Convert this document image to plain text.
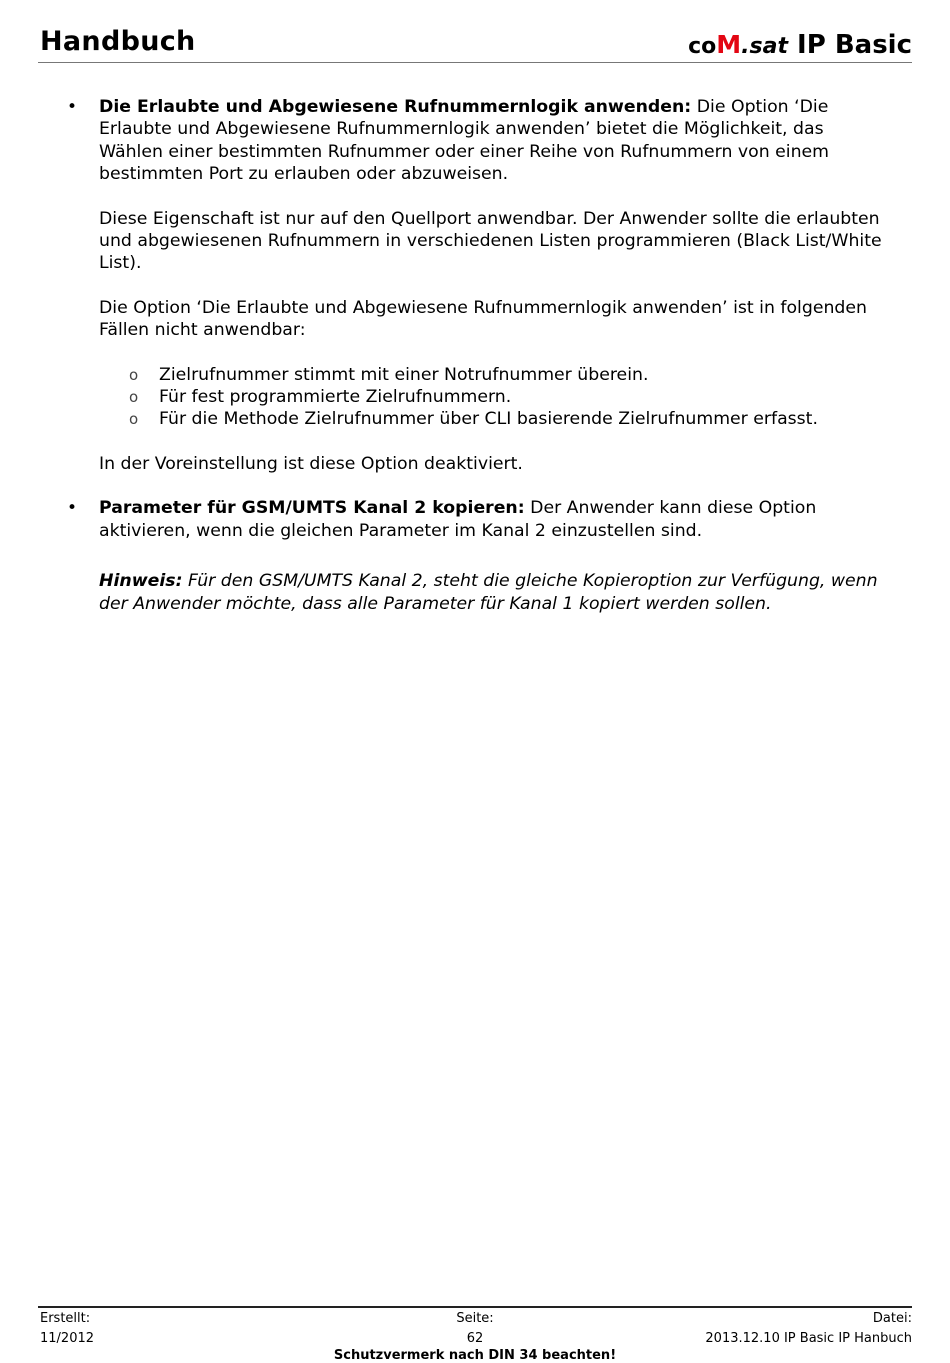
Handbuch	coM.sat IP Basic
• Die Erlaubte und Abgewiesene Rufnummernlogik anwenden: Die Option ‘Die Erlaubte und Abgewiesene Rufnummernlogik anwenden’ bietet die Möglichkeit, das Wählen einer bestimmten Rufnummer oder einer Reihe von Rufnummern von einem bestimmten Port zu erlauben oder abzuweisen.

Diese Eigenschaft ist nur auf den Quellport anwendbar. Der Anwender sollte die erlaubten und abgewiesenen Rufnummern in verschiedenen Listen programmieren (Black List/White List).

Die Option ‘Die Erlaubte und Abgewiesene Rufnummernlogik anwenden’ ist in folgenden Fällen nicht anwendbar:

o Zielrufnummer stimmt mit einer Notrufnummer überein.
o Für fest programmierte Zielrufnummern.
o Für die Methode Zielrufnummer über CLI basierende Zielrufnummer erfasst.

In der Voreinstellung ist diese Option deaktiviert.

• Parameter für GSM/UMTS Kanal 2 kopieren: Der Anwender kann diese Option aktivieren, wenn die gleichen Parameter im Kanal 2 einzustellen sind.

Hinweis: Für den GSM/UMTS Kanal 2, steht die gleiche Kopieroption zur Verfügung, wenn der Anwender möchte, dass alle Parameter für Kanal 1 kopiert werden sollen.

Erstellt:
11/2012
Seite:
62
Datei:
2013.12.10 IP Basic IP Hanbuch
Schutzvermerk nach DIN 34 beachten!
